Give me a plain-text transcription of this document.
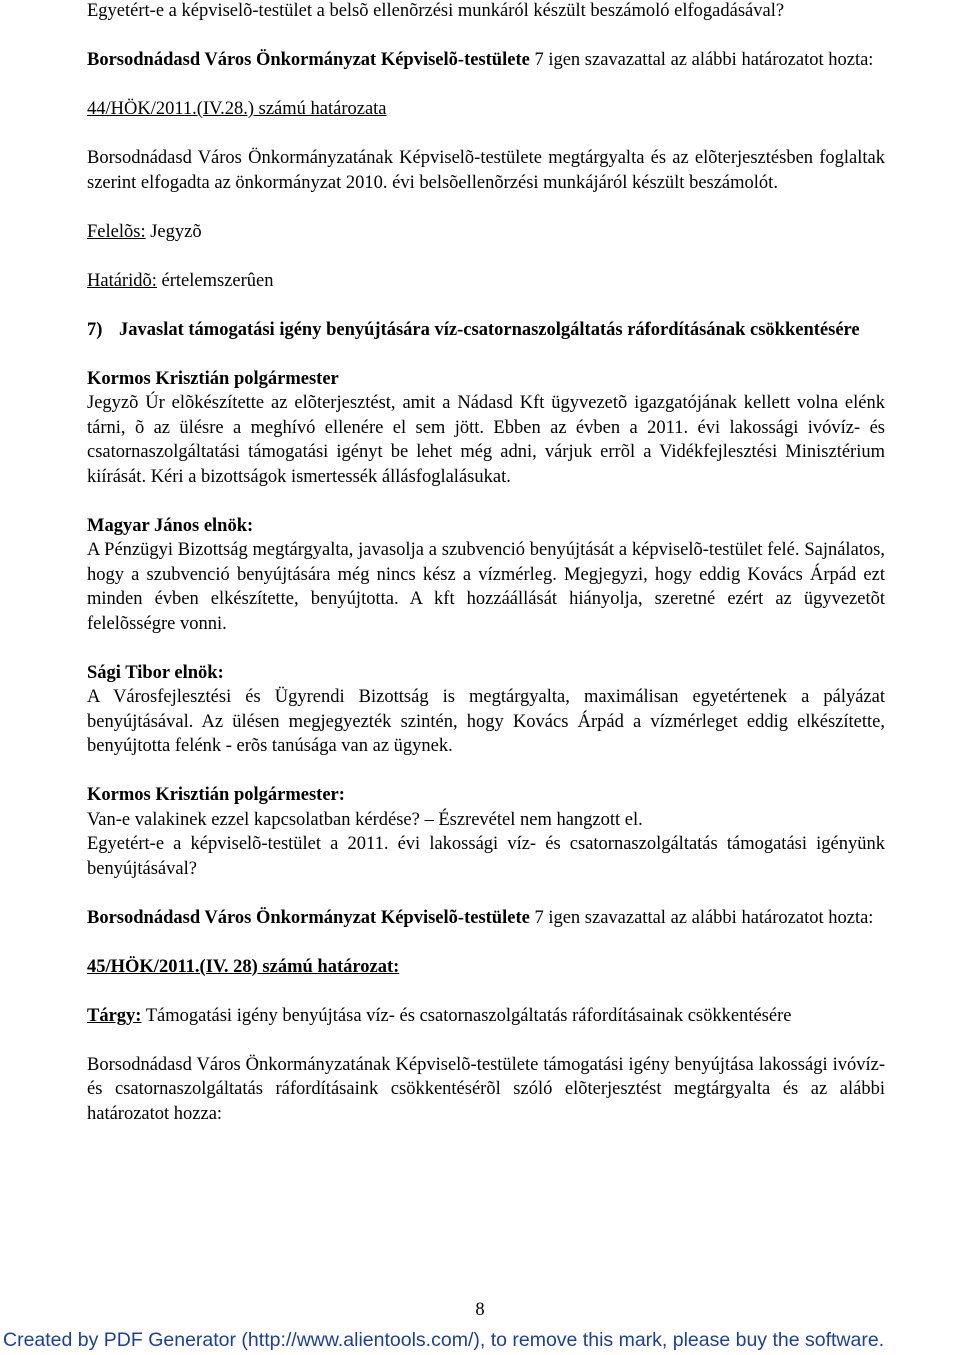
Egyetért-e a képviselõ-testület a belsõ ellenõrzési munkáról készült beszámoló elfogadásával?

Borsodnádasd Város Önkormányzat Képviselõ-testülete 7 igen szavazattal az alábbi határozatot hozta:

44/HÖK/2011.(IV.28.) számú határozata

Borsodnádasd Város Önkormányzatának Képviselõ-testülete megtárgyalta és az elõterjesztésben foglaltak szerint elfogadta az önkormányzat 2010. évi belsõellenõrzési munkájáról készült beszámolót.

Felelõs: Jegyzõ

Határidõ: értelemszerûen

7) Javaslat támogatási igény benyújtására víz-csatornaszolgáltatás ráfordításának csökkentésére

Kormos Krisztián polgármester

Jegyzõ Úr elõkészítette az elõterjesztést, amit a Nádasd Kft ügyvezetõ igazgatójának kellett volna elénk tárni, õ az ülésre a meghívó ellenére el sem jött. Ebben az évben a 2011. évi lakossági ivóvíz- és csatornaszolgáltatási támogatási igényt be lehet még adni, várjuk errõl a Vidékfejlesztési Minisztérium kiírását. Kéri a bizottságok ismertessék állásfoglalásukat.

Magyar János elnök:

A Pénzügyi Bizottság megtárgyalta, javasolja a szubvenció benyújtását a képviselõ-testület felé. Sajnálatos, hogy a szubvenció benyújtására még nincs kész a vízmérleg. Megjegyzi, hogy eddig Kovács Árpád ezt minden évben elkészítette, benyújtotta. A kft hozzáállását hiányolja, szeretné ezért az ügyvezetõt felelõsségre vonni.

Sági Tibor elnök:

A Városfejlesztési és Ügyrendi Bizottság is megtárgyalta, maximálisan egyetértenek a pályázat benyújtásával. Az ülésen megjegyezték szintén, hogy Kovács Árpád a vízmérleget eddig elkészítette, benyújtotta felénk - erõs tanúsága van az ügynek.

Kormos Krisztián polgármester:

Van-e valakinek ezzel kapcsolatban kérdése? – Észrevétel nem hangzott el.

Egyetért-e a képviselõ-testület a 2011. évi lakossági víz- és csatornaszolgáltatás támogatási igényünk benyújtásával?

Borsodnádasd Város Önkormányzat Képviselõ-testülete 7 igen szavazattal az alábbi határozatot hozta:

45/HÖK/2011.(IV. 28) számú határozat:

Tárgy: Támogatási igény benyújtása víz- és csatornaszolgáltatás ráfordításainak csökkentésére

Borsodnádasd Város Önkormányzatának Képviselõ-testülete támogatási igény benyújtása lakossági ivóvíz- és csatornaszolgáltatás ráfordításaink csökkentésérõl szóló elõterjesztést megtárgyalta és az alábbi határozatot hozza:

8
Created by PDF Generator (http://www.alientools.com/), to remove this mark, please buy the software.
